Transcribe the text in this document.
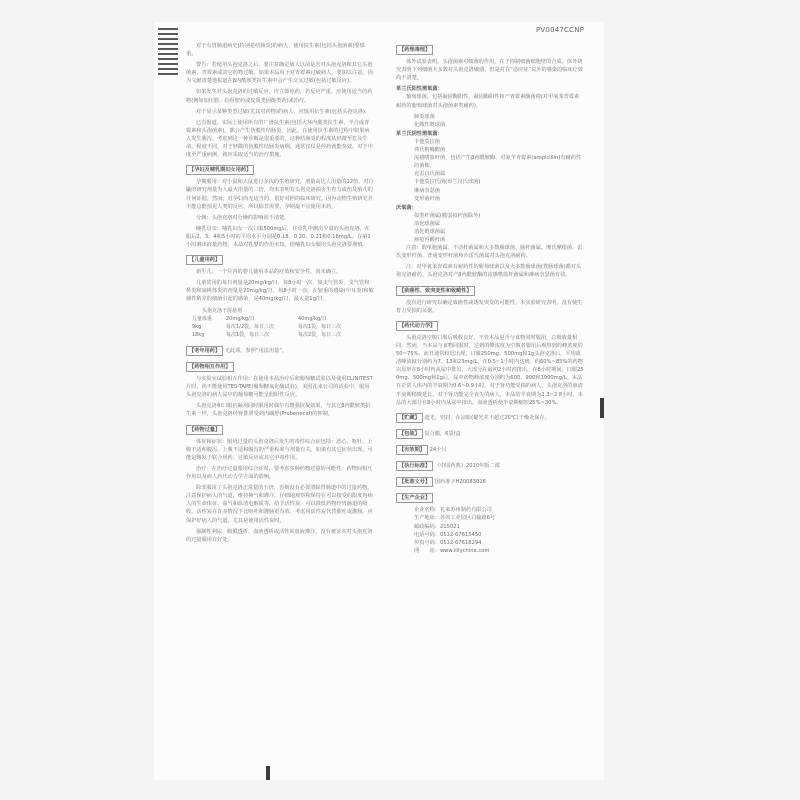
PV0047CCNP

对于有胃肠道病史(特别是结肠炎)的病人，使用抗生素(包括头孢菌素)要慎重。

警告：若使用头孢克洛之后，要注意确定病人以前是否对头孢克洛和其它头孢菌素、青霉素或其它药物过敏。如果本品用于对青霉素过敏病人，要加以注意，因为文献清楚地报道在β内酰胺类抗生素中会产生交叉过敏(包括过敏反应)。

如果发生对头孢克洛的过敏反应，应立即停药，若反应严重，应使用适当的药物(例如加压胺、抗组胺药或皮质类固醇类药)来治疗。

对于显示某种类型过敏(尤其对药物)的病人，应慎用抗生素(包括头孢克洛)。

已有报道，实际上使用所有的广谱抗生素(包括大环内酯类抗生素、半合成青霉素和头孢菌素)，都会产生伪膜性结肠炎。因此，在使用抗生素的过程中如果病人发生腹泻，考虑到这一种诊断是很重要的。这种结肠炎的程度从轻微至危及生命。程度不同，对于轻微的伪膜性结肠炎病例，通常仅仅是停药就能奏效。对于中度至严重病例，就应采取适当的治疗措施。

【孕妇及哺乳期妇女用药】

孕期服用：对小鼠和大鼠进行多次的生殖研究，剂量高达人用量的12倍，对白鼬的研究剂量为人最大用量的三倍，均未表明有头孢克洛损害生育力或伤及胎儿的任何证据。然而，对孕妇尚无适当的、很好对照的临床研究。因为动物生殖研究并不能总能预见人类的反应，所以除非需要，孕期最不宜使用本药。

分娩：头孢克洛对分娩的影响尚不清楚。

哺乳母亲：哺乳妇女一次口服500mg后，在母乳中测出少量的头孢克洛。在服后2、3、4和5小时的平均水平分别是0.18、0.20、0.21和0.16mg/L。在第1小时测出痕量药物。本品对乳婴的作用未知，给哺乳妇女服用头孢克洛要谨慎。

【儿童用药】

新生儿：一个月内的婴儿使用本品的疗效和安全性，尚未确立。

儿童常用的每日剂量是20mg/kg/日，每8小时一次，如支气管炎、支气管和鼻炎和扁桃体炎的剂量是20mg/kg/日，每8小时一次。在较重的感染(中耳炎)和敏感性稍差的细菌引起的感染，是40mg/kg/日，最大量1g/日。

头孢克洛干混悬剂
儿童体重	20mg/kg/日	40mg/kg/日
9kg	每次1/2袋，每日三次	每次1袋，每日三次
18kg	每次1袋，每日三次	每次2袋，每日三次
【老年用药】 无此项。参照“用法用量”。
【药物相互作用】

与实验室试验相互作用：在使用本品治疗后和葡萄糖试验以及使用CLINITEST片时，尚不能使用TES-TAPE(葡萄糖氧化酶试验)，美国礼来公司的试验中，服用头孢克洛的病人尿中的葡萄糖可能呈假阳性反应。

头孢克洛和口服抗凝剂同时服用时偶尔有增强抗凝效果，与其它β内酰胺类抗生素一样，头孢克洛经肾排泄受到丙磺舒(Probenecid)的抑制。

【药物过量】

体征和症状：服用过量的头孢克洛后发生的毒性综合症包括：恶心、呕吐、上腹不适和腹泻。上腹不适和腹泻的严重程度与剂量有关。如果有其它症状出现，可能是继发于联合用药、过敏反应或其它中毒作用。

治疗：在治疗过量服用综合症时，要考虑多种药物过量的可能性，药物间相互作用以及病人药代动力学方面的影响。

除非服用了头孢克洛正常量的五倍，否则没有必要清除胃肠道中的过量药物。注意保护病人的气道，维持换气和灌注。仔细地观察和保持在可以接受的限度内病人的生命体征、血气和血清电解质等。给予活性炭，可以降低药物经胃肠道的吸收。活性炭在许多情况下比呕吐和灌肠更有效。考虑用活性炭代替催吐或灌肠。应保护好病人的气道，尤其是使用活性炭时。

强制性利尿、腹膜透析、血液透析或活性炭血液灌注，没有被证实对头孢克洛的过量服用有好处。

【药理毒理】

体外试验表明，头孢菌素对细菌的作用，在于抑制细菌细胞壁的合成。体外研究表明下列细菌大多数对头孢克洛敏感，但是对在“适应症”以外的感染的临床疗效尚不清楚。

革兰氏阳性需氧菌：

葡萄球菌，包括凝固酶阳性、凝固酶阴性和产青霉素酶菌株(对甲氧苯青霉素耐药的葡萄球菌对头孢菌素类耐药)。

肺炎球菌
化脓性链球菌
革兰氏阴性需氧菌：
卡他莫拉菌
弗氏枸橼酸菌
流感嗜血杆菌，包括产生β内酰胺酶、对氨苄青霉素(ampicillin)有耐药性的菌株。
克雷白氏菌属
卡他莫拉氏菌(布兰汉氏球菌)
淋病奈瑟菌
变形菌杆菌
厌氧菌：
拟类杆菌属(脆弱拟杆菌除外)
消化球菌属
消化链球菌属
痤疮丙酸杆菌

注意：假单胞菌属、不动杆菌属和大多数肠球菌、肠杆菌属、摩氏摩根菌、雷氏变形杆菌、普通变形杆菌和沙雷氏菌属对头孢克洛耐药。

注：对甲氧苯青霉素有耐药性的葡萄球菌以及大多数肠球菌(粪肠球菌)都对头孢克洛耐药。头孢克洛对产β内酰胺酶的流感嗜血杆菌属和淋病奈瑟菌有效。

【致癌性、致突变性和致畸性】

没有进行研究以确定致癌性或诱发突变的可能性。本实验研究表明，没有使生育力受损的证据。

【药代动力学】

头孢克洛空腹口服后吸收良好，不管本品是否与食物同时服用，总吸收量相同。然而，当本品与食物同服时，达到的峰浓度为空腹者服用后观察到的峰浓度的50~75%，而且通常较迟出现。口服250mg、500mg和1g头孢克洛后，平均血清峰浓度分别约为7、13和23mg/L，在0.5~1小时内达到。约60%~85%的药物以原形在8小时内从尿中排出，大部分在最初2小时内排出。在8小时期间，口服250mg、500mg和1g后，尿中药物峰浓度分别约为600、900和1900mg/L。本品在正常人体内的半衰期为0.6~0.9小时。对于肾功能受损的病人，头孢克洛的血清半衰期稍微延长。对于肾功能完全丧失的病人，本品的半衰期为2.3~2.8小时。本品的大部分在8小时内从尿中排出。血液透析使半衰期缩短25%~30%。

【贮藏】 遮光、密封，在凉暗(避光并不超过20℃)干燥处保存。
【包装】 复合膜，6袋/盒
【有效期】 24个月
【执行标准】 《中国药典》2010年版二部
【批准文号】 国药准字H20083028
【生产企业】
企业名称：礼来苏州制药有限公司
生产地址：苏州工业园区白榆路6号
邮政编码：215021
电话号码：0512-67615450
传真号码：0512-67618294
网　　址：www.lillychina.com
